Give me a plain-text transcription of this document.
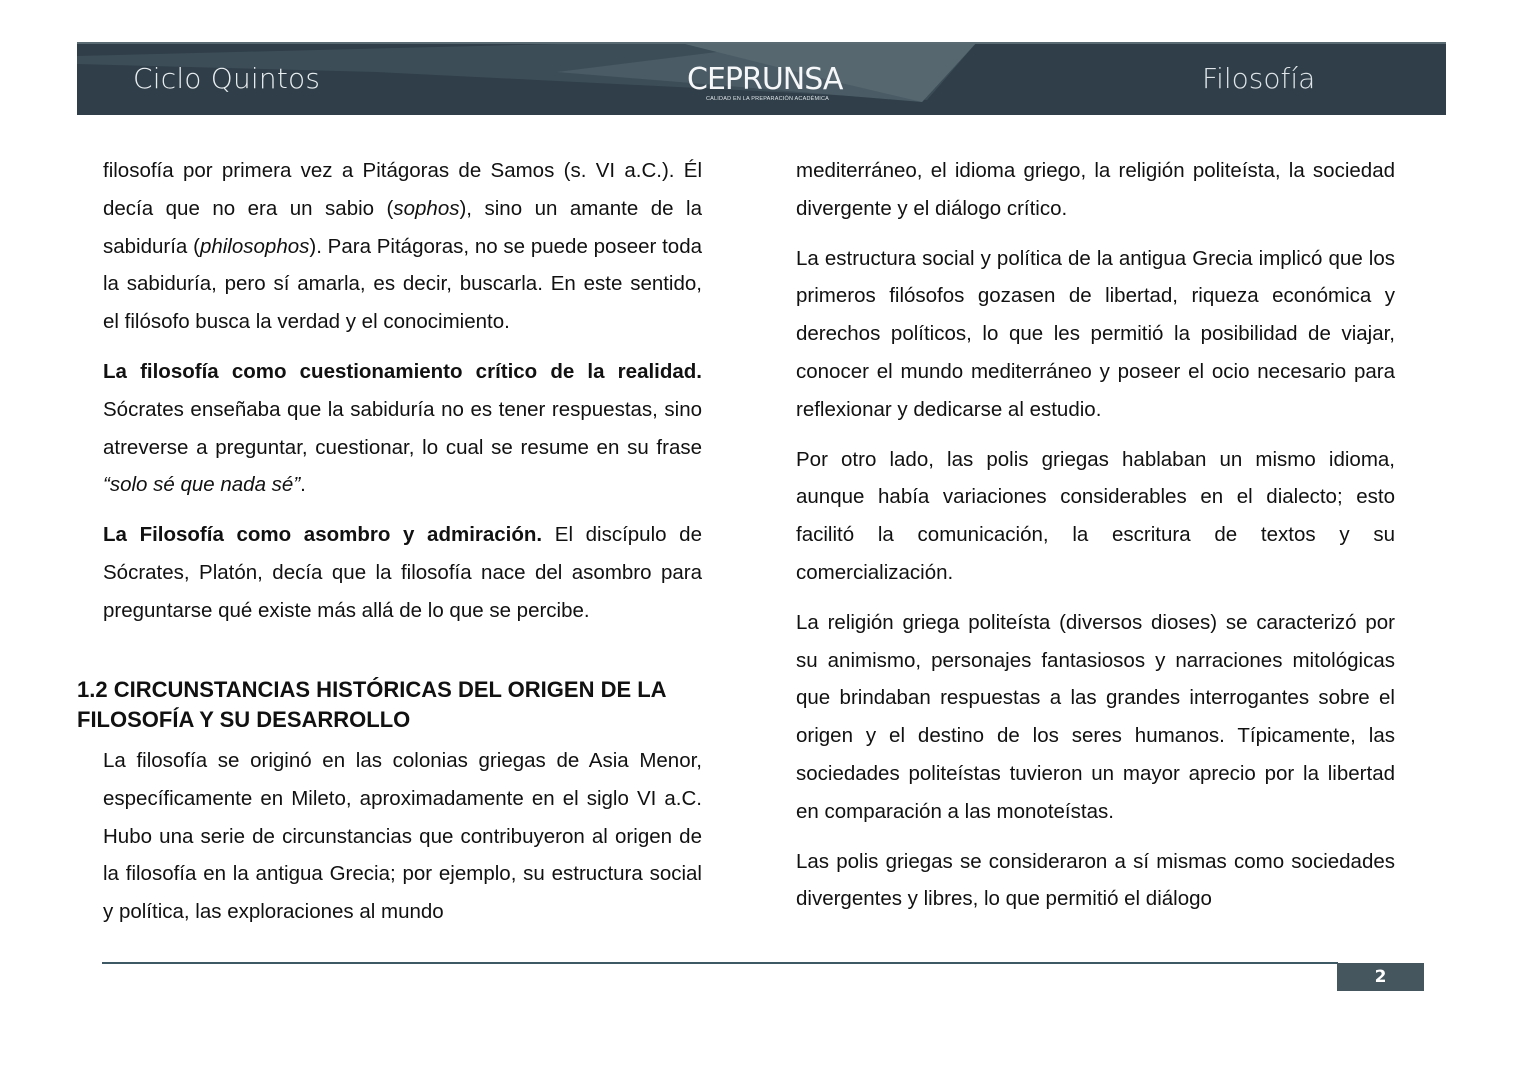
Ciclo Quintos	CEPRUNSA
CALIDAD EN LA PREPARACIÓN ACADÉMICA
Filosofía

filosofía por primera vez a Pitágoras de Samos (s. VI a.C.). Él decía que no era un sabio (sophos), sino un amante de la sabiduría (philosophos). Para Pitágoras, no se puede poseer toda la sabiduría, pero sí amarla, es decir, buscarla. En este sentido, el filósofo busca la verdad y el conocimiento.

La filosofía como cuestionamiento crítico de la realidad. Sócrates enseñaba que la sabiduría no es tener respuestas, sino atreverse a preguntar, cuestionar, lo cual se resume en su frase “solo sé que nada sé”.

La Filosofía como asombro y admiración. El discípulo de Sócrates, Platón, decía que la filosofía nace del asombro para preguntarse qué existe más allá de lo que se percibe.

1.2 CIRCUNSTANCIAS HISTÓRICAS DEL ORIGEN DE LA FILOSOFÍA Y SU DESARROLLO

La filosofía se originó en las colonias griegas de Asia Menor, específicamente en Mileto, aproximadamente en el siglo VI a.C. Hubo una serie de circunstancias que contribuyeron al origen de la filosofía en la antigua Grecia; por ejemplo, su estructura social y política, las exploraciones al mundo

mediterráneo, el idioma griego, la religión politeísta, la sociedad divergente y el diálogo crítico.

La estructura social y política de la antigua Grecia implicó que los primeros filósofos gozasen de libertad, riqueza económica y derechos políticos, lo que les permitió la posibilidad de viajar, conocer el mundo mediterráneo y poseer el ocio necesario para reflexionar y dedicarse al estudio.

Por otro lado, las polis griegas hablaban un mismo idioma, aunque había variaciones considerables en el dialecto; esto facilitó la comunicación, la escritura de textos y su comercialización.

La religión griega politeísta (diversos dioses) se caracterizó por su animismo, personajes fantasiosos y narraciones mitológicas que brindaban respuestas a las grandes interrogantes sobre el origen y el destino de los seres humanos. Típicamente, las sociedades politeístas tuvieron un mayor aprecio por la libertad en comparación a las monoteístas.

Las polis griegas se consideraron a sí mismas como sociedades divergentes y libres, lo que permitió el diálogo

2
